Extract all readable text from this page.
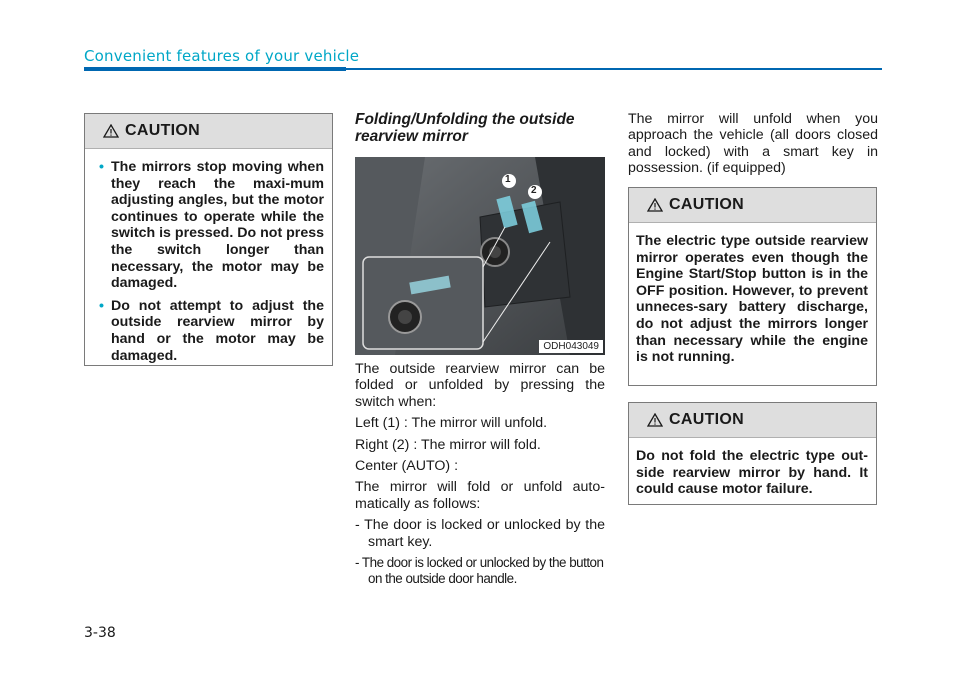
Convenient features of your vehicle
CAUTION
• The mirrors stop moving when they reach the maxi-mum adjusting angles, but the motor continues to operate while the switch is pressed. Do not press the switch longer than necessary, the motor may be damaged.
• Do not attempt to adjust the outside rearview mirror by hand or the motor may be damaged.
Folding/Unfolding the outside rearview mirror
1
2
ODH043049

The outside rearview mirror can be folded or unfolded by pressing the switch when:

Left (1) : The mirror will unfold.

Right (2) : The mirror will fold.

Center (AUTO) :

The mirror will fold or unfold auto-matically as follows:

- The door is locked or unlocked by the smart key.

- The door is locked or unlocked by the button on the outside door handle.

The mirror will unfold when you approach the vehicle (all doors closed and locked) with a smart key in possession. (if equipped)
CAUTION

The electric type outside rearview mirror operates even though the Engine Start/Stop button is in the OFF position. However, to prevent unneces-sary battery discharge, do not adjust the mirrors longer than necessary while the engine is not running.

CAUTION

Do not fold the electric type out-side rearview mirror by hand. It could cause motor failure.

3-38
